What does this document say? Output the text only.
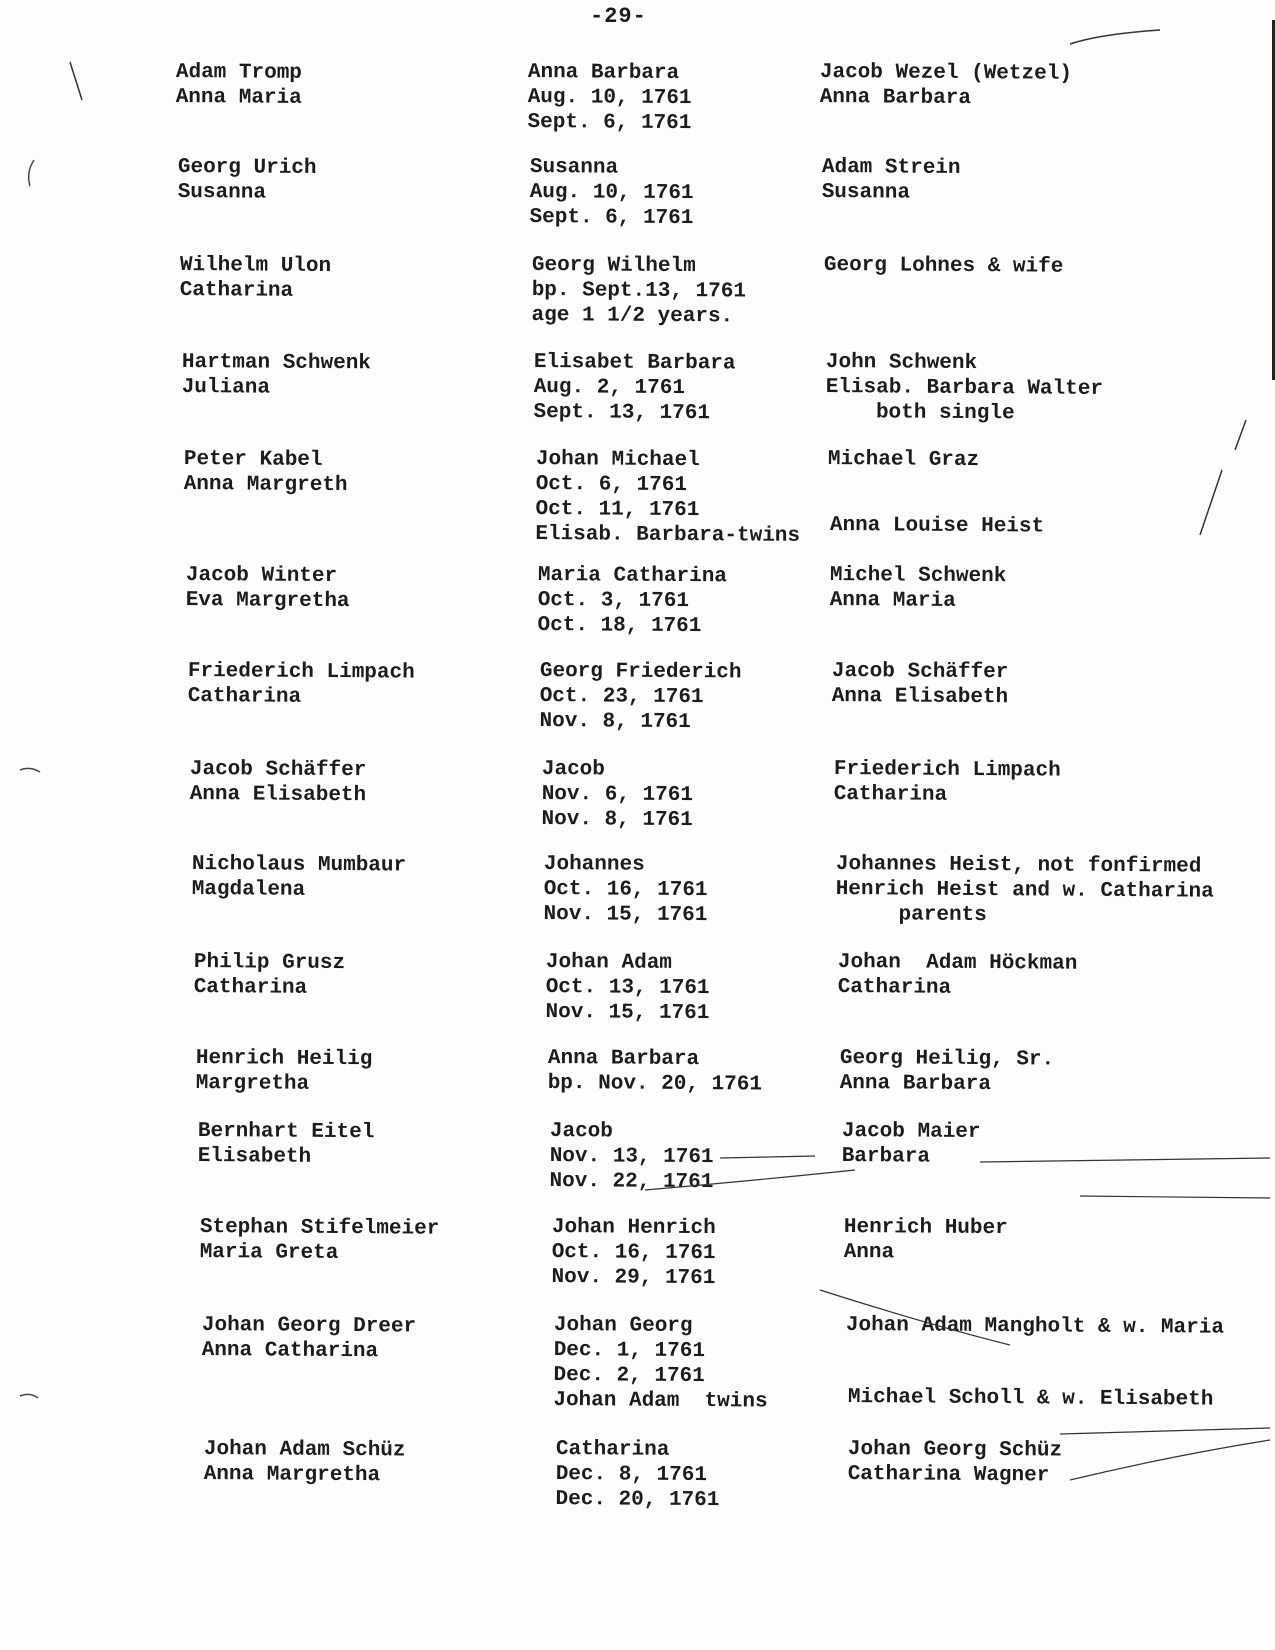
-29-
Adam Tromp
Anna Maria
Anna Barbara
Aug. 10, 1761
Sept. 6, 1761
Jacob Wezel (Wetzel)
Anna Barbara
Georg Urich
Susanna
Susanna
Aug. 10, 1761
Sept. 6, 1761
Adam Strein
Susanna
Wilhelm Ulon
Catharina
Georg Wilhelm
bp. Sept.13, 1761
age 1 1/2 years.
Georg Lohnes & wife
Hartman Schwenk
Juliana
Elisabet Barbara
Aug. 2, 1761
Sept. 13, 1761
John Schwenk
Elisab. Barbara Walter
both single
Peter Kabel
Anna Margreth
Johan Michael
Oct. 6, 1761
Oct. 11, 1761
Elisab. Barbara-twins
Michael Graz
Anna Louise Heist
Jacob Winter
Eva Margretha
Maria Catharina
Oct. 3, 1761
Oct. 18, 1761
Michel Schwenk
Anna Maria
Friederich Limpach
Catharina
Georg Friederich
Oct. 23, 1761
Nov. 8, 1761
Jacob Schäffer
Anna Elisabeth
Jacob Schäffer
Anna Elisabeth
Jacob
Nov. 6, 1761
Nov. 8, 1761
Friederich Limpach
Catharina
Nicholaus Mumbaur
Magdalena
Johannes
Oct. 16, 1761
Nov. 15, 1761
Johannes Heist, not fonfirmed
Henrich Heist and w. Catharina
parents
Philip Grusz
Catharina
Johan Adam
Oct. 13, 1761
Nov. 15, 1761
Johan  Adam Höckman
Catharina
Henrich Heilig
Margretha
Anna Barbara
bp. Nov. 20, 1761
Georg Heilig, Sr.
Anna Barbara
Bernhart Eitel
Elisabeth
Jacob
Nov. 13, 1761
Nov. 22, 1761
Jacob Maier
Barbara
Stephan Stifelmeier
Maria Greta
Johan Henrich
Oct. 16, 1761
Nov. 29, 1761
Henrich Huber
Anna
Johan Georg Dreer
Anna Catharina
Johan Georg
Dec. 1, 1761
Dec. 2, 1761
Johan Adam  twins
Johan Adam Mangholt & w. Maria
Michael Scholl & w. Elisabeth
Johan Adam Schüz
Anna Margretha
Catharina
Dec. 8, 1761
Dec. 20, 1761
Johan Georg Schüz
Catharina Wagner
